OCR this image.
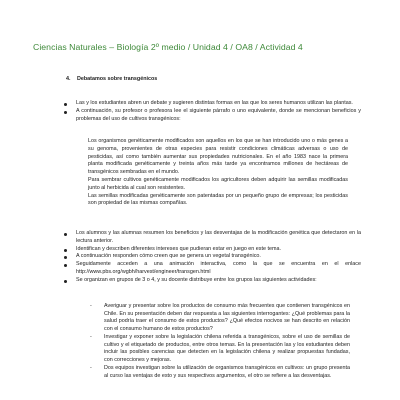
Ciencias Naturales – Biología 2º medio / Unidad 4 / OA8 / Actividad 4
4. Debatamos sobre transgénicos
Las y los estudiantes abren un debate y sugieren distintas formas en las que los seres humanos utilizan las plantas.
A continuación, su profesor o profesora lee el siguiente párrafo o uno equivalente, donde se mencionan beneficios y problemas del uso de cultivos transgénicos:

Los organismos genéticamente modificados son aquellos en los que se han introducido uno o más genes a su genoma, provenientes de otras especies para resistir condiciones climáticas adversas o uso de pesticidas, así como también aumentar sus propiedades nutricionales. En el año 1983 nace la primera planta modificada genéticamente y treinta años más tarde ya encontramos millones de hectáreas de transgénicos sembradas en el mundo.

Para sembrar cultivos genéticamente modificados los agricultores deben adquirir las semillas modificadas junto al herbicida al cual son resistentes.

Las semillas modificadas genéticamente son patentadas por un pequeño grupo de empresas; los pesticidas son propiedad de las mismas compañías.

Los alumnos y las alumnas resumen los beneficios y las desventajas de la modificación genética que detectaron en la lectura anterior.
Identifican y describen diferentes intereses que pudieran estar en juego en este tema.
A continuación responden cómo creen que se genera un vegetal transgénico.
Seguidamente acceden a una animación interactiva, como la que se encuentra en el enlace http://www.pbs.org/wgbh/harvest/engineer/transgen.html
Se organizan en grupos de 3 o 4, y su docente distribuye entre los grupos las siguientes actividades:
- Averiguar y presentar sobre los productos de consumo más frecuentes que contienen transgénicos en Chile. En su presentación deben dar respuesta a las siguientes interrogantes: ¿Qué problemas para la salud podría traer el consumo de estos productos? ¿Qué efectos nocivos se han descrito en relación con el consumo humano de estos productos?
- Investigar y exponer sobre la legislación chilena referida a transgénicos, sobre el uso de semillas de cultivo y el etiquetado de productos, entre otros temas. En la presentación las y los estudiantes deben incluir las posibles carencias que detecten en la legislación chilena y realizar propuestas fundadas, con correcciones y mejoras.
- Dos equipos investigan sobre la utilización de organismos transgénicos en cultivos: un grupo presenta al curso las ventajas de esto y sus respectivos argumentos, el otro se refiere a las desventajas.
